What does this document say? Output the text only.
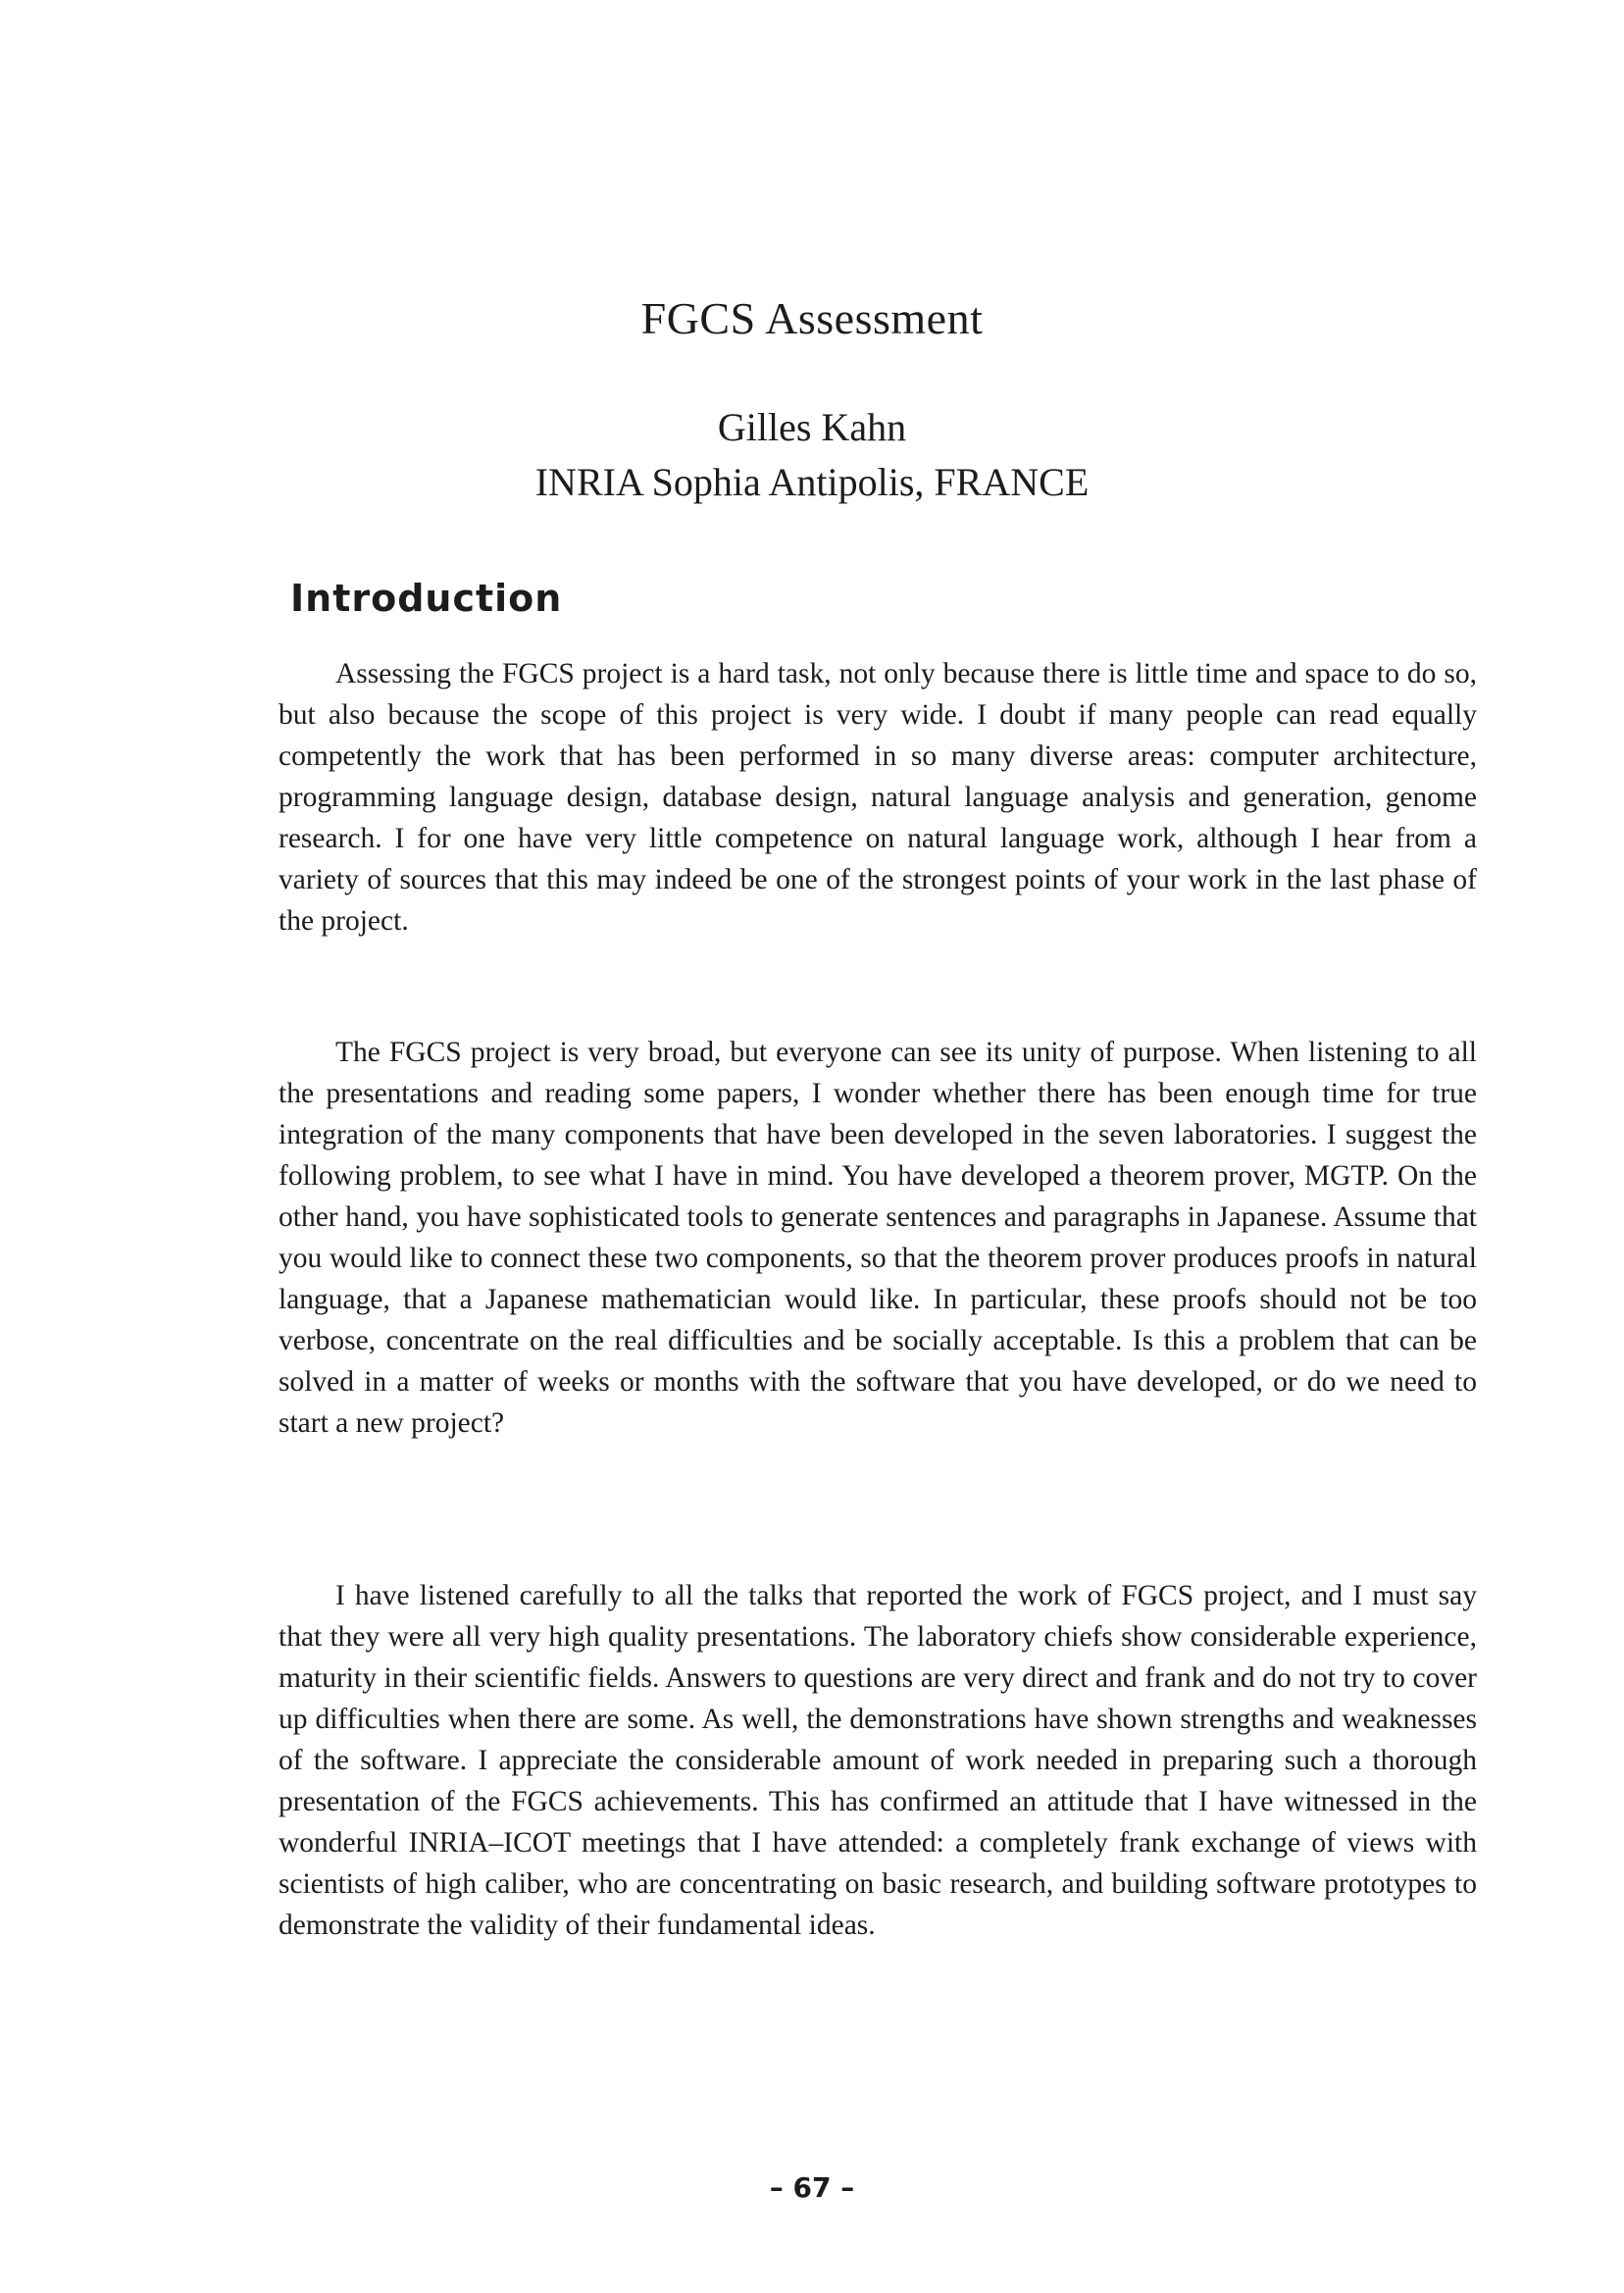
FGCS Assessment
Gilles Kahn
INRIA Sophia Antipolis, FRANCE
Introduction

Assessing the FGCS project is a hard task, not only because there is little time and space to do so, but also because the scope of this project is very wide. I doubt if many people can read equally competently the work that has been performed in so many diverse areas: computer architecture, programming language design, database design, natural language analysis and generation, genome research. I for one have very little competence on natural language work, although I hear from a variety of sources that this may indeed be one of the strongest points of your work in the last phase of the project.

The FGCS project is very broad, but everyone can see its unity of purpose. When listening to all the presentations and reading some papers, I wonder whether there has been enough time for true integration of the many components that have been developed in the seven laboratories. I suggest the following problem, to see what I have in mind. You have developed a theorem prover, MGTP. On the other hand, you have sophisticated tools to generate sentences and paragraphs in Japanese. Assume that you would like to connect these two components, so that the theorem prover produces proofs in natural language, that a Japanese mathematician would like. In particular, these proofs should not be too verbose, concentrate on the real difficulties and be socially acceptable. Is this a problem that can be solved in a matter of weeks or months with the software that you have developed, or do we need to start a new project?

I have listened carefully to all the talks that reported the work of FGCS project, and I must say that they were all very high quality presentations. The laboratory chiefs show considerable experience, maturity in their scientific fields. Answers to questions are very direct and frank and do not try to cover up difficulties when there are some. As well, the demonstrations have shown strengths and weaknesses of the software. I appreciate the considerable amount of work needed in preparing such a thorough presentation of the FGCS achievements. This has confirmed an attitude that I have witnessed in the wonderful INRIA–ICOT meetings that I have attended: a completely frank exchange of views with scientists of high caliber, who are concentrating on basic research, and building software prototypes to demonstrate the validity of their fundamental ideas.

– 67 –
